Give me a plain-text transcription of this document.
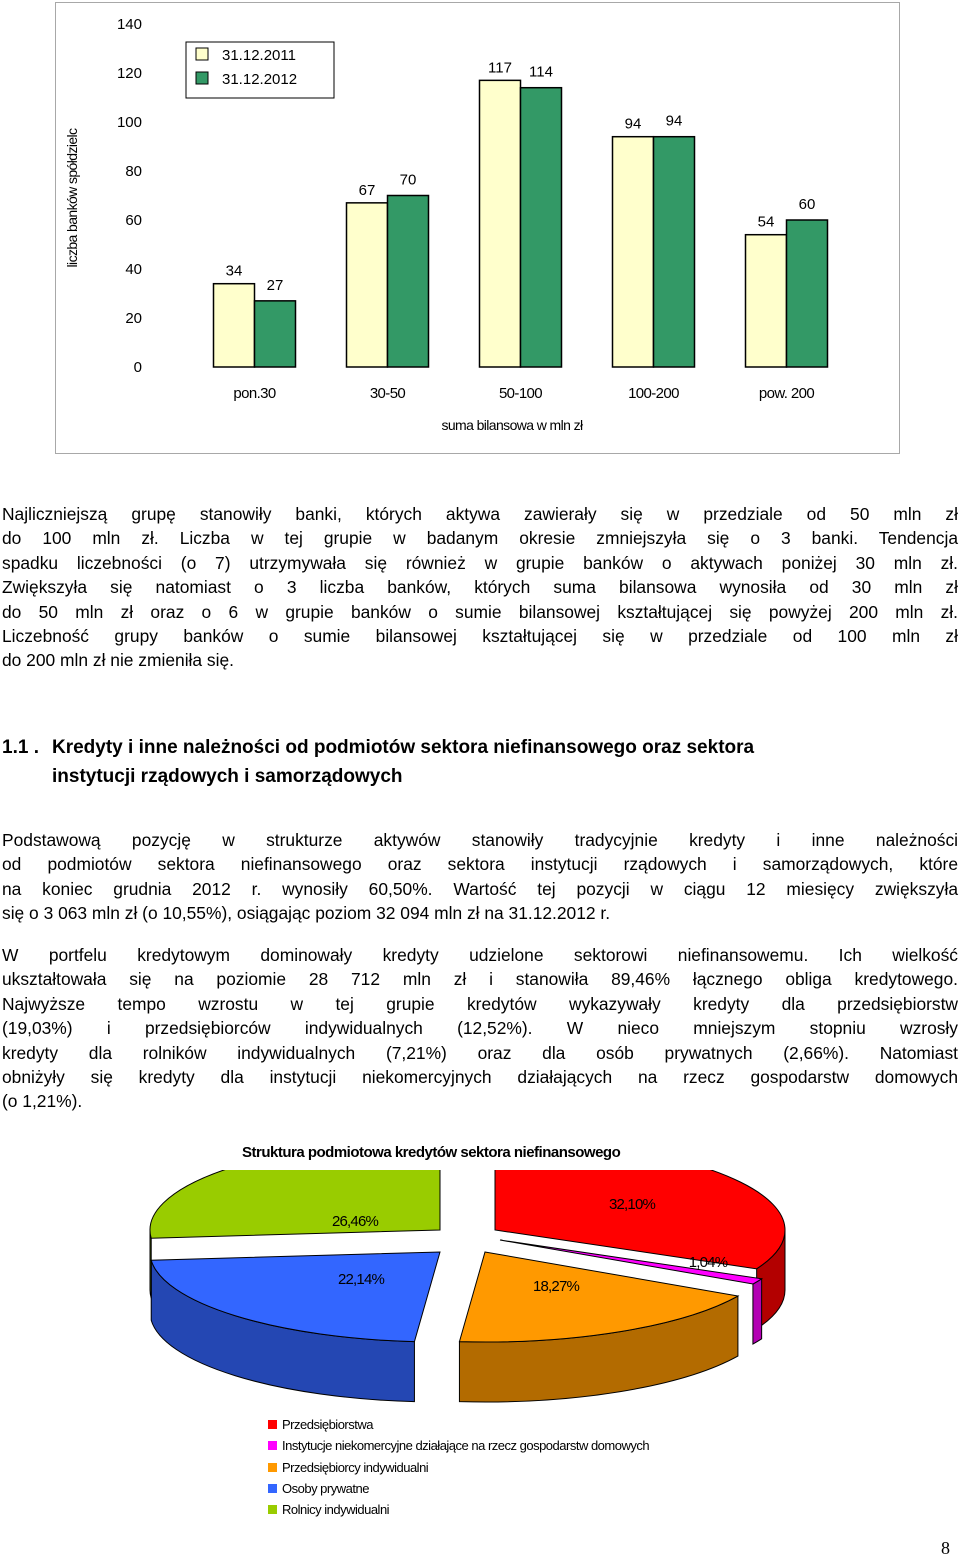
liczba banków spółdzielc
0
20
40
60
80
100
120
140
34
27
pon.30
67
70
30-50
117 114
50-100
94 94
100-200
54
60
pow. 200
suma bilansowa w mln zł
31.12.2011
31.12.2012
Najliczniejszą grupę stanowiły banki, których aktywa zawierały się w przedziale od 50 mln zł
do 100 mln zł. Liczba w tej grupie w badanym okresie zmniejszyła się o 3 banki. Tendencja
spadku liczebności (o 7) utrzymywała się również w grupie banków o aktywach poniżej 30 mln zł.
Zwiększyła się natomiast o 3 liczba banków, których suma bilansowa wynosiła od 30 mln zł
do 50 mln zł oraz o 6 w grupie banków o sumie bilansowej kształtującej się powyżej 200 mln zł.
Liczebność grupy banków o sumie bilansowej kształtującej się w przedziale od 100 mln zł
do 200 mln zł nie zmieniła się.
1.1 . Kredyty i inne należności od podmiotów sektora niefinansowego oraz sektora
instytucji rządowych i samorządowych
Podstawową pozycję w strukturze aktywów stanowiły tradycyjnie kredyty i inne należności
od podmiotów sektora niefinansowego oraz sektora instytucji rządowych i samorządowych, które
na koniec grudnia 2012 r. wynosiły 60,50%. Wartość tej pozycji w ciągu 12 miesięcy zwiększyła
się o 3 063 mln zł (o 10,55%), osiągając poziom 32 094 mln zł na 31.12.2012 r.
W portfelu kredytowym dominowały kredyty udzielone sektorowi niefinansowemu. Ich wielkość
ukształtowała się na poziomie 28 712 mln zł i stanowiła 89,46% łącznego obliga kredytowego.
Najwyższe tempo wzrostu w tej grupie kredytów wykazywały kredyty dla przedsiębiorstw
(19,03%) i przedsiębiorców indywidualnych (12,52%). W nieco mniejszym stopniu wzrosły
kredyty dla rolników indywidualnych (7,21%) oraz dla osób prywatnych (2,66%). Natomiast
obniżyły się kredyty dla instytucji niekomercyjnych działających na rzecz gospodarstw domowych
(o 1,21%).
Struktura podmiotowa kredytów sektora niefinansowego
32,10%
1,04%
18,27%
22,14%
26,46%
Przedsiębiorstwa
Instytucje niekomercyjne działające na rzecz gospodarstw domowych
Przedsiębiorcy indywidualni
Osoby prywatne
Rolnicy indywidualni
8
